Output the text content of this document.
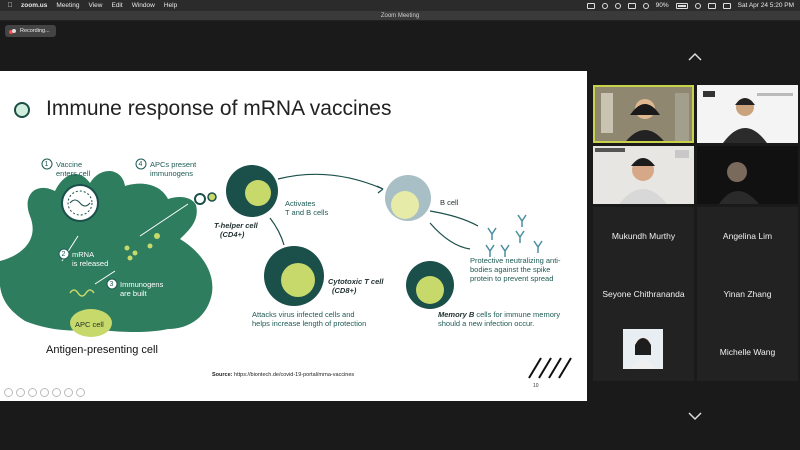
zoom.us Meeting View Edit Window Help	90%	Sat Apr 24 5:20 PM
Zoom Meeting
Recording...
Immune response of mRNA vaccines
1	4
2
3
Vaccine
enters cell
APCs present
immunogens
mRNA
is released
Immunogens
are built
APC cell
Antigen-presenting cell
Activates
T and B cells
T-helper cell
(CD4+)
B cell
Cytotoxic T cell
(CD8+)
Attacks virus infected cells and
helps increase length of protection
Protective neutralizing anti-
bodies against the spike
protein to prevent spread
Memory B cells for immune memory
should a new infection occur.
Source: https://biontech.de/covid-19-portal/mrna-vaccines
10
Mukundh Murthy	Angelina Lim
Seyone Chithrananda	Yinan Zhang
Michelle Wang
